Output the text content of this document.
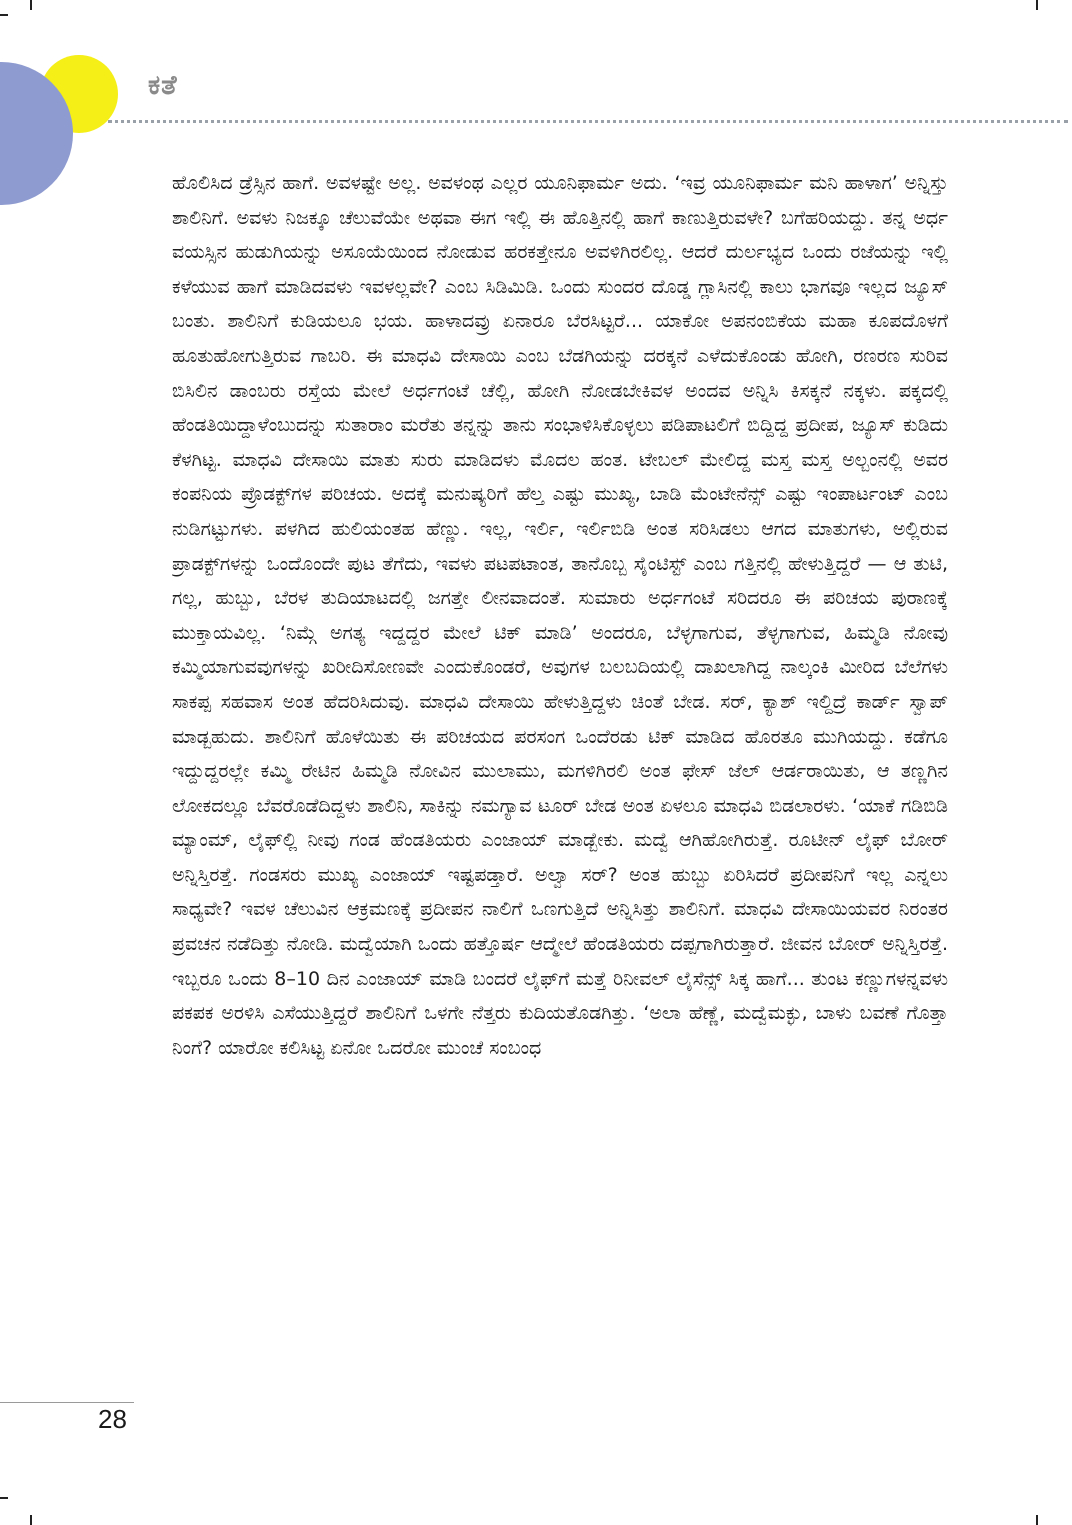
ಕತೆ

ಹೊಲಿಸಿದ ಡ್ರೆಸ್ಸಿನ ಹಾಗೆ. ಅವಳಷ್ಟೇ ಅಲ್ಲ. ಅವಳಂಥ ಎಲ್ಲರ ಯೂನಿಫಾರ್ಮ ಅದು. ‘ಇವ್ರ ಯೂನಿಫಾರ್ಮ ಮನಿ ಹಾಳಾಗ’ ಅನ್ನಿಸ್ತು ಶಾಲಿನಿಗೆ. ಅವಳು ನಿಜಕ್ಕೂ ಚೆಲುವೆಯೇ ಅಥವಾ ಈಗ ಇಲ್ಲಿ ಈ ಹೊತ್ತಿನಲ್ಲಿ ಹಾಗೆ ಕಾಣುತ್ತಿರುವಳೇ? ಬಗೆಹರಿಯದ್ದು. ತನ್ನ ಅರ್ಧ ವಯಸ್ಸಿನ ಹುಡುಗಿಯನ್ನು ಅಸೂಯೆಯಿಂದ ನೋಡುವ ಹರಕತ್ತೇನೂ ಅವಳಿಗಿರಲಿಲ್ಲ. ಆದರೆ ದುರ್ಲಭ್ಯದ ಒಂದು ರಜೆಯನ್ನು ಇಲ್ಲಿ ಕಳೆಯುವ ಹಾಗೆ ಮಾಡಿದವಳು ಇವಳಲ್ಲವೇ? ಎಂಬ ಸಿಡಿಮಿಡಿ. ಒಂದು ಸುಂದರ ದೊಡ್ಡ ಗ್ಲಾಸಿನಲ್ಲಿ ಕಾಲು ಭಾಗವೂ ಇಲ್ಲದ ಜ್ಯೂಸ್ ಬಂತು. ಶಾಲಿನಿಗೆ ಕುಡಿಯಲೂ ಭಯ. ಹಾಳಾದವ್ರು ಏನಾರೂ ಬೆರಸಿಟ್ಟರೆ... ಯಾಕೋ ಅಪನಂಬಿಕೆಯ ಮಹಾ ಕೂಪದೊಳಗೆ ಹೂತುಹೋಗುತ್ತಿರುವ ಗಾಬರಿ. ಈ ಮಾಧವಿ ದೇಸಾಯಿ ಎಂಬ ಬೆಡಗಿಯನ್ನು ದರಕ್ಕನೆ ಎಳೆದುಕೊಂಡು ಹೋಗಿ, ರಣರಣ ಸುರಿವ ಬಿಸಿಲಿನ ಡಾಂಬರು ರಸ್ತೆಯ ಮೇಲೆ ಅರ್ಧಗಂಟೆ ಚೆಲ್ಲಿ, ಹೋಗಿ ನೋಡಬೇಕಿವಳ ಅಂದವ ಅನ್ನಿಸಿ ಕಿಸಕ್ಕನೆ ನಕ್ಕಳು. ಪಕ್ಕದಲ್ಲಿ ಹೆಂಡತಿಯಿದ್ದಾಳೆಂಬುದನ್ನು ಸುತಾರಾಂ ಮರೆತು ತನ್ನನ್ನು ತಾನು ಸಂಭಾಳಿಸಿಕೊಳ್ಳಲು ಪಡಿಪಾಟಲಿಗೆ ಬಿದ್ದಿದ್ದ ಪ್ರದೀಪ, ಜ್ಯೂಸ್ ಕುಡಿದು ಕೆಳಗಿಟ್ಟ. ಮಾಧವಿ ದೇಸಾಯಿ ಮಾತು ಸುರು ಮಾಡಿದಳು ಮೊದಲ ಹಂತ. ಟೇಬಲ್ ಮೇಲಿದ್ದ ಮಸ್ತ ಮಸ್ತ ಅಲ್ಬಂನಲ್ಲಿ ಅವರ ಕಂಪನಿಯ ಪ್ರೊಡಕ್ಟ್‌ಗಳ ಪರಿಚಯ. ಅದಕ್ಕೆ ಮನುಷ್ಯರಿಗೆ ಹೆಲ್ತ ಎಷ್ಟು ಮುಖ್ಯ, ಬಾಡಿ ಮೆಂಟೇನೆನ್ಸ್ ಎಷ್ಟು ಇಂಪಾರ್ಟಂಟ್ ಎಂಬ ನುಡಿಗಟ್ಟುಗಳು. ಪಳಗಿದ ಹುಲಿಯಂತಹ ಹೆಣ್ಣು. ಇಲ್ಲ, ಇರ್ಲಿ, ಇರ್ಲಿಬಿಡಿ ಅಂತ ಸರಿಸಿಡಲು ಆಗದ ಮಾತುಗಳು, ಅಲ್ಲಿರುವ ಪ್ರಾಡಕ್ಟ್‌ಗಳನ್ನು ಒಂದೊಂದೇ ಪುಟ ತೆಗೆದು, ಇವಳು ಪಟಪಟಾಂತ, ತಾನೊಬ್ಬ ಸೈಂಟಿಸ್ಟ್ ಎಂಬ ಗತ್ತಿನಲ್ಲಿ ಹೇಳುತ್ತಿದ್ದರೆ — ಆ ತುಟಿ, ಗಲ್ಲ, ಹುಬ್ಬು, ಬೆರಳ ತುದಿಯಾಟದಲ್ಲಿ ಜಗತ್ತೇ ಲೀನವಾದಂತೆ. ಸುಮಾರು ಅರ್ಧಗಂಟೆ ಸರಿದರೂ ಈ ಪರಿಚಯ ಪುರಾಣಕ್ಕೆ ಮುಕ್ತಾಯವಿಲ್ಲ. ‘ನಿಮ್ಗೆ ಅಗತ್ಯ ಇದ್ದದ್ದರ ಮೇಲೆ ಟಿಕ್ ಮಾಡಿ’ ಅಂದರೂ, ಬೆಳ್ಳಗಾಗುವ, ತೆಳ್ಳಗಾಗುವ, ಹಿಮ್ಮಡಿ ನೋವು ಕಮ್ಮಿಯಾಗುವವುಗಳನ್ನು ಖರೀದಿಸೋಣವೇ ಎಂದುಕೊಂಡರೆ, ಅವುಗಳ ಬಲಬದಿಯಲ್ಲಿ ದಾಖಲಾಗಿದ್ದ ನಾಲ್ಕಂಕಿ ಮೀರಿದ ಬೆಲೆಗಳು ಸಾಕಪ್ಪ ಸಹವಾಸ ಅಂತ ಹೆದರಿಸಿದುವು. ಮಾಧವಿ ದೇಸಾಯಿ ಹೇಳುತ್ತಿದ್ದಳು ಚಿಂತೆ ಬೇಡ. ಸರ್, ಕ್ಯಾಶ್ ಇಲ್ದಿದ್ರೆ ಕಾರ್ಡ್ ಸ್ವಾಪ್ ಮಾಡ್ಬಹುದು. ಶಾಲಿನಿಗೆ ಹೊಳೆಯಿತು ಈ ಪರಿಚಯದ ಪರಸಂಗ ಒಂದೆರಡು ಟಿಕ್ ಮಾಡಿದ ಹೊರತೂ ಮುಗಿಯದ್ದು. ಕಡೆಗೂ ಇದ್ದುದ್ದರಲ್ಲೇ ಕಮ್ಮಿ ರೇಟಿನ ಹಿಮ್ಮಡಿ ನೋವಿನ ಮುಲಾಮು, ಮಗಳಿಗಿರಲಿ ಅಂತ ಫೇಸ್ ಜೆಲ್ ಆರ್ಡರಾಯಿತು, ಆ ತಣ್ಣಗಿನ ಲೋಕದಲ್ಲೂ ಬೆವರೊಡೆದಿದ್ದಳು ಶಾಲಿನಿ, ಸಾಕಿನ್ನು ನಮಗ್ಯಾವ ಟೂರ್ ಬೇಡ ಅಂತ ಏಳಲೂ ಮಾಧವಿ ಬಿಡಲಾರಳು. ‘ಯಾಕೆ ಗಡಿಬಿಡಿ ಮ್ಯಾಂಮ್, ಲೈಫ್‌ಲ್ಲಿ ನೀವು ಗಂಡ ಹೆಂಡತಿಯರು ಎಂಜಾಯ್ ಮಾಡ್ಬೇಕು. ಮದ್ವೆ ಆಗಿಹೋಗಿರುತ್ತೆ. ರೂಟೀನ್ ಲೈಫ್ ಬೋರ್ ಅನ್ನಿಸ್ತಿರತ್ತೆ. ಗಂಡಸರು ಮುಖ್ಯ ಎಂಜಾಯ್ ಇಷ್ಟಪಡ್ತಾರೆ. ಅಲ್ವಾ ಸರ್? ಅಂತ ಹುಬ್ಬು ಏರಿಸಿದರೆ ಪ್ರದೀಪನಿಗೆ ಇಲ್ಲ ಎನ್ನಲು ಸಾಧ್ಯವೇ? ಇವಳ ಚೆಲುವಿನ ಆಕ್ರಮಣಕ್ಕೆ ಪ್ರದೀಪನ ನಾಲಿಗೆ ಒಣಗುತ್ತಿದೆ ಅನ್ನಿಸಿತ್ತು ಶಾಲಿನಿಗೆ. ಮಾಧವಿ ದೇಸಾಯಿಯವರ ನಿರಂತರ ಪ್ರವಚನ ನಡೆದಿತ್ತು ನೋಡಿ. ಮದ್ವೆಯಾಗಿ ಒಂದು ಹತ್ತೊರ್ಷ ಆದ್ಮೇಲೆ ಹೆಂಡತಿಯರು ದಪ್ಪಗಾಗಿರುತ್ತಾರೆ. ಜೀವನ ಬೋರ್ ಅನ್ನಿಸ್ತಿರತ್ತೆ. ಇಬ್ಬರೂ ಒಂದು 8–10 ದಿನ ಎಂಜಾಯ್ ಮಾಡಿ ಬಂದರೆ ಲೈಫ್‌ಗೆ ಮತ್ತೆ ರಿನೀವಲ್ ಲೈಸೆನ್ಸ್ ಸಿಕ್ಕ ಹಾಗೆ... ತುಂಟ ಕಣ್ಣುಗಳನ್ನವಳು ಪಕಪಕ ಅರಳಿಸಿ ಎಸೆಯುತ್ತಿದ್ದರೆ ಶಾಲಿನಿಗೆ ಒಳಗೇ ನೆತ್ತರು ಕುದಿಯತೊಡಗಿತ್ತು. ‘ಅಲಾ ಹೆಣ್ಣೆ, ಮದ್ವೆಮಕ್ಳು, ಬಾಳು ಬವಣೆ ಗೊತ್ತಾ ನಿಂಗೆ? ಯಾರೋ ಕಲಿಸಿಟ್ಟ ಏನೋ ಒದರೋ ಮುಂಚೆ ಸಂಬಂಧ

28
